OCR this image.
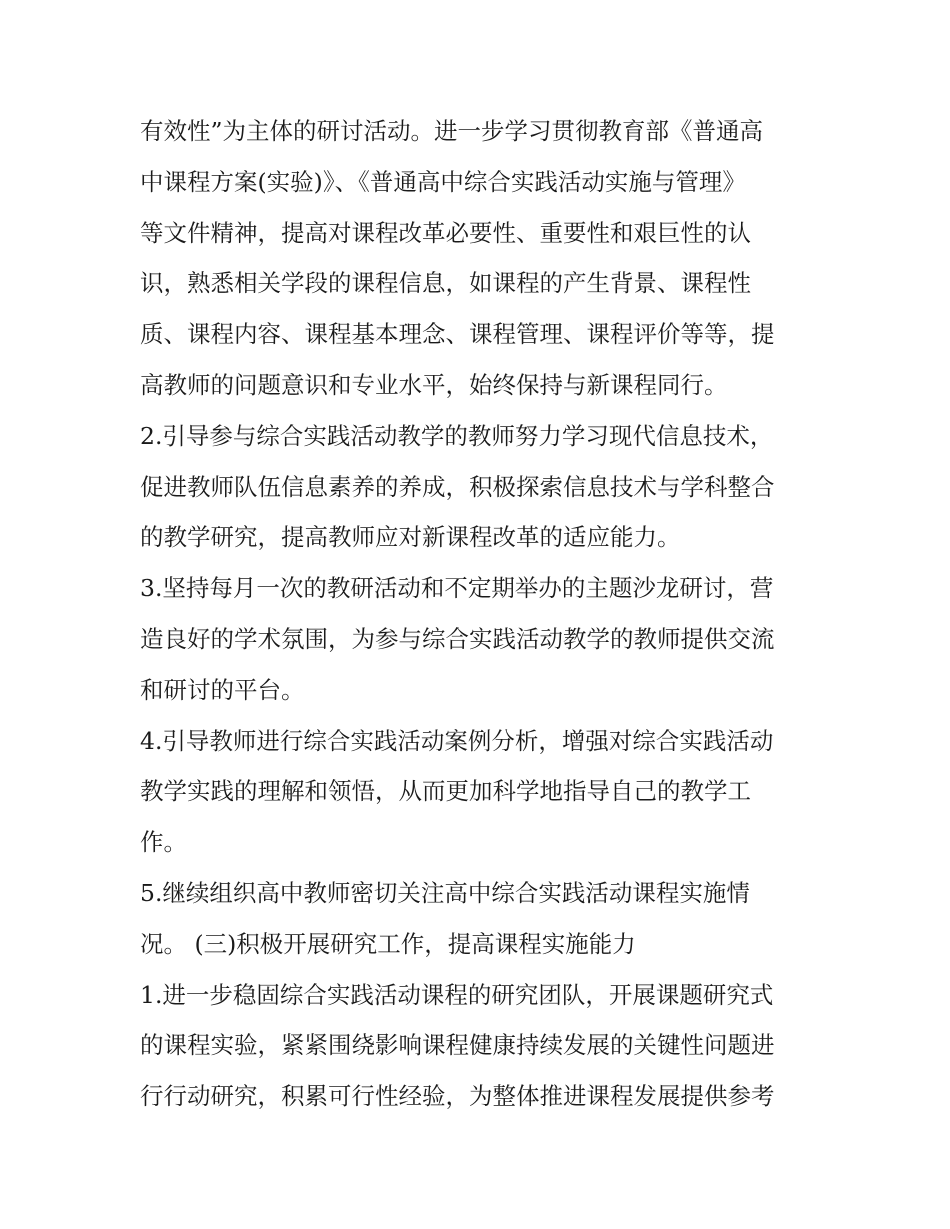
有效性”为主体的研讨活动。进一步学习贯彻教育部《普通高
中课程方案(实验)》、《普通高中综合实践活动实施与管理》
等文件精神，提高对课程改革必要性、重要性和艰巨性的认
识，熟悉相关学段的课程信息，如课程的产生背景、课程性
质、课程内容、课程基本理念、课程管理、课程评价等等，提
高教师的问题意识和专业水平，始终保持与新课程同行。
2.引导参与综合实践活动教学的教师努力学习现代信息技术，
促进教师队伍信息素养的养成，积极探索信息技术与学科整合
的教学研究，提高教师应对新课程改革的适应能力。
3.坚持每月一次的教研活动和不定期举办的主题沙龙研讨，营
造良好的学术氛围，为参与综合实践活动教学的教师提供交流
和研讨的平台。
4.引导教师进行综合实践活动案例分析，增强对综合实践活动
教学实践的理解和领悟，从而更加科学地指导自己的教学工
作。
5.继续组织高中教师密切关注高中综合实践活动课程实施情
况。 (三)积极开展研究工作，提高课程实施能力
1.进一步稳固综合实践活动课程的研究团队，开展课题研究式
的课程实验，紧紧围绕影响课程健康持续发展的关键性问题进
行行动研究，积累可行性经验，为整体推进课程发展提供参考
